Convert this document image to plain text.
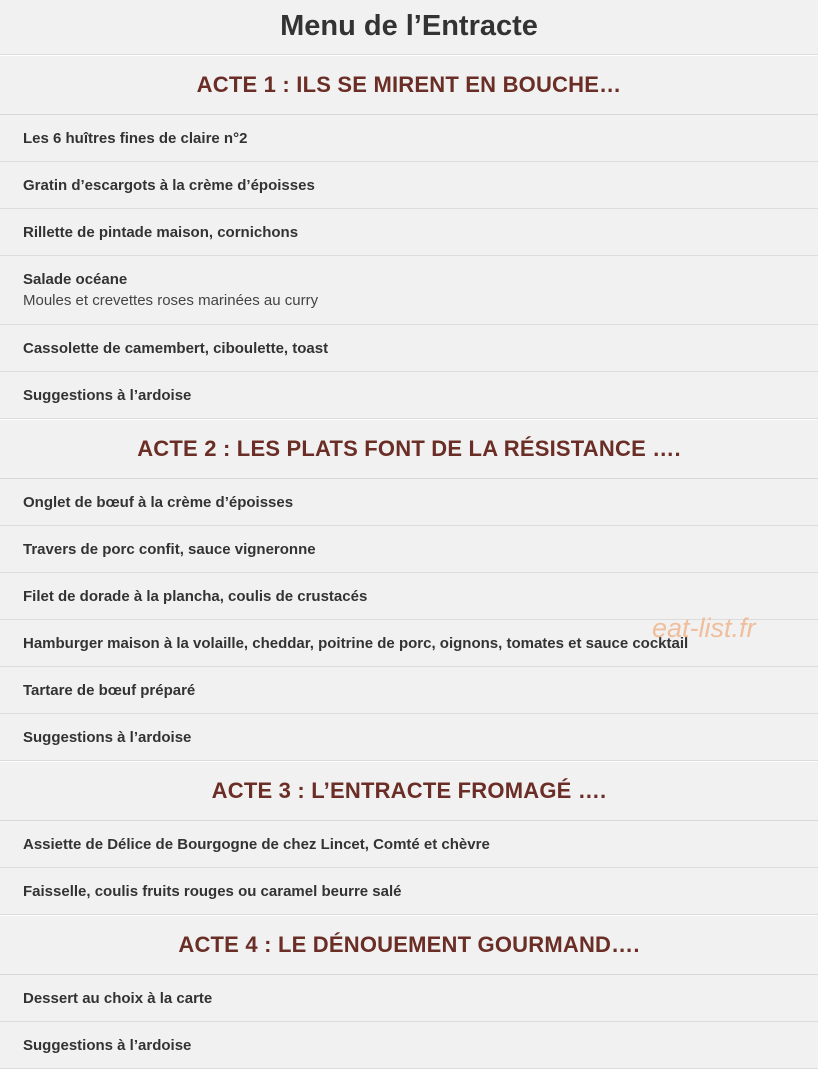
Menu de l’Entracte
ACTE 1 : ILS SE MIRENT EN BOUCHE…
Les 6 huîtres fines de claire n°2
Gratin d’escargots à la crème d’époisses
Rillette de pintade maison, cornichons
Salade océane
Moules et crevettes roses marinées au curry
Cassolette de camembert, ciboulette, toast
Suggestions à l’ardoise
ACTE 2 : LES PLATS FONT DE LA RÉSISTANCE ….
Onglet de bœuf à la crème d’époisses
Travers de porc confit, sauce vigneronne
Filet de dorade à la plancha, coulis de crustacés
Hamburger maison à la volaille, cheddar, poitrine de porc, oignons, tomates et sauce cocktail
Tartare de bœuf préparé
Suggestions à l’ardoise
ACTE 3 : L’ENTRACTE FROMAGÉ ….
Assiette de Délice de Bourgogne de chez Lincet, Comté et chèvre
Faisselle, coulis fruits rouges ou caramel beurre salé
ACTE 4 : LE DÉNOUEMENT GOURMAND….
Dessert au choix à la carte
Suggestions à l’ardoise
eat-list.fr
